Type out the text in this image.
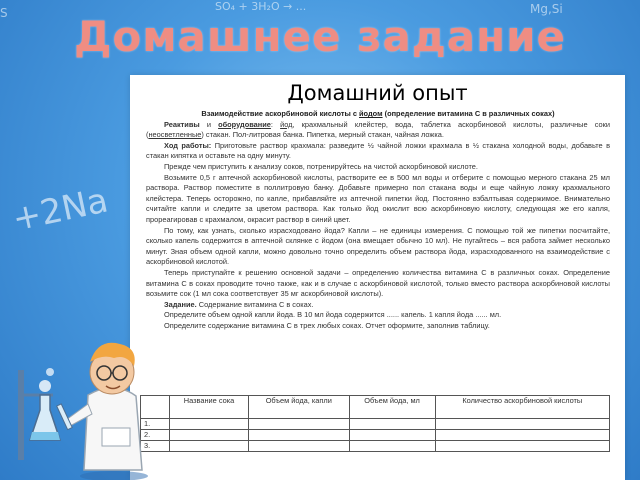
+2Na
SO₄ + 3H₂O → ...	Mg,Si
S	Домашнее задание
Домашний опыт

Взаимодействие аскорбиновой кислоты с йодом (определение витамина С в различных соках)

Реактивы и оборудование: йод, крахмальный клейстер, вода, таблетка аскорбиновой кислоты, различные соки (неосветленные) стакан. Пол-литровая банка. Пипетка, мерный стакан, чайная ложка.

Ход работы: Приготовьте раствор крахмала: разведите ½ чайной ложки крахмала в ½ стакана холодной воды, добавьте в стакан кипятка и оставьте на одну минуту.

Прежде чем приступить к анализу соков, потренируйтесь на чистой аскорбиновой кислоте.

Возьмите 0,5 г аптечной аскорбиновой кислоты, растворите ее в 500 мл воды и отберите с помощью мерного стакана 25 мл раствора. Раствор поместите в поллитровую банку. Добавьте примерно пол стакана воды и еще чайную ложку крахмального клейстера. Теперь осторожно, по капле, прибавляйте из аптечной пипетки йод. Постоянно взбалтывая содержимое. Внимательно считайте капли и следите за цветом раствора. Как только йод окислит всю аскорбиновую кислоту, следующая же его капля, прореагировав с крахмалом, окрасит раствор в синий цвет.

По тому, как узнать, сколько израсходовано йода? Капли – не единицы измерения. С помощью той же пипетки посчитайте, сколько капель содержится в аптечной склянке с йодом (она вмещает обычно 10 мл). Не пугайтесь – вся работа займет несколько минут. Зная объем одной капли, можно довольно точно определить объем раствора йода, израсходованного на взаимодействие с аскорбиновой кислотой.

Теперь приступайте к решению основной задачи – определению количества витамина С в различных соках. Определение витамина С в соках проводите точно также, как и в случае с аскорбиновой кислотой, только вместо раствора аскорбиновой кислоты возьмите сок (1 мл сока соответствует 35 мг аскорбиновой кислоты).

Задание. Содержание витамина С в соках.

Определите объем одной капли йода. В 10 мл йода содержится ...... капель. 1 капля йода ...... мл.

Определите содержание витамина С в трех любых соках. Отчет оформите, заполнив таблицу.

	Название сока	Объем йода, капли	Объем йода, мл	Количество аскорбиновой кислоты
1.				
2.				
3.				
